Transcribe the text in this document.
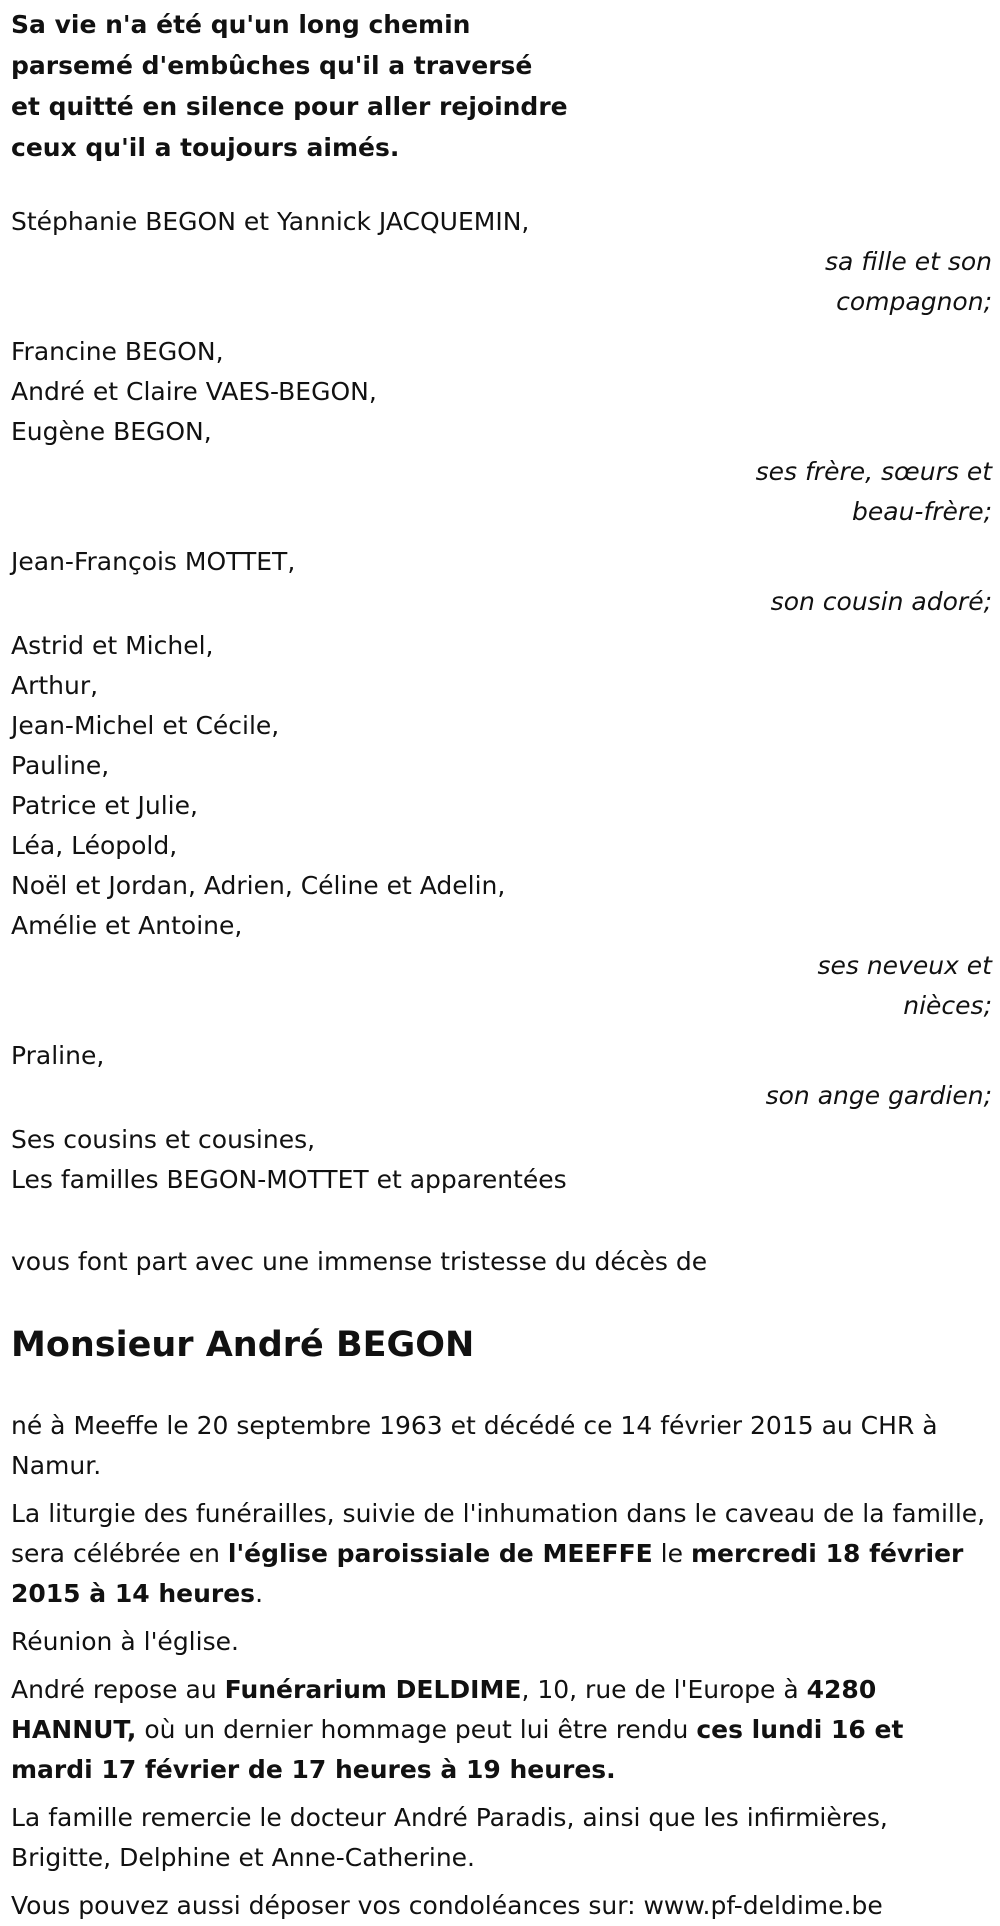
Sa vie n'a été qu'un long chemin
parsemé d'embûches qu'il a traversé
et quitté en silence pour aller rejoindre
ceux qu'il a toujours aimés.
Stéphanie BEGON et Yannick JACQUEMIN,
sa fille et son
compagnon;
Francine BEGON,
André et Claire VAES-BEGON,
Eugène BEGON,
ses frère, sœurs et
beau-frère;
Jean-François MOTTET,
son cousin adoré;
Astrid et Michel,
Arthur,
Jean-Michel et Cécile,
Pauline,
Patrice et Julie,
Léa, Léopold,
Noël et Jordan, Adrien, Céline et Adelin,
Amélie et Antoine,
ses neveux et
nièces;
Praline,
son ange gardien;
Ses cousins et cousines,
Les familles BEGON-MOTTET et apparentées
vous font part avec une immense tristesse du décès de
Monsieur André BEGON
né à Meeffe le 20 septembre 1963 et décédé ce 14 février 2015 au CHR à Namur.
La liturgie des funérailles, suivie de l'inhumation dans le caveau de la famille, sera célébrée en l'église paroissiale de MEEFFE le mercredi 18 février 2015 à 14 heures.
Réunion à l'église.
André repose au Funérarium DELDIME, 10, rue de l'Europe à 4280 HANNUT, où un dernier hommage peut lui être rendu ces lundi 16 et mardi 17 février de 17 heures à 19 heures.
La famille remercie le docteur André Paradis, ainsi que les infirmières, Brigitte, Delphine et Anne-Catherine.
Vous pouvez aussi déposer vos condoléances sur: www.pf-deldime.be
